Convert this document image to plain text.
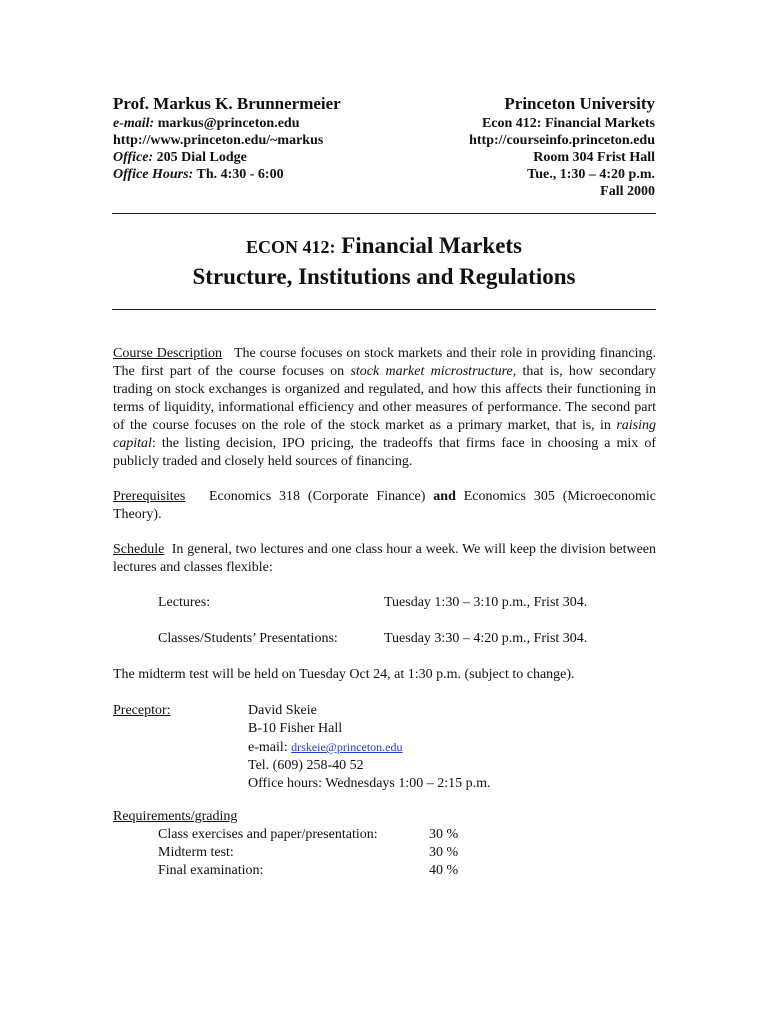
Prof. Markus K. Brunnermeier
e-mail: markus@princeton.edu
http://www.princeton.edu/~markus
Office: 205 Dial Lodge
Office Hours: Th. 4:30 - 6:00
Princeton University
Econ 412: Financial Markets
http://courseinfo.princeton.edu
Room 304 Frist Hall
Tue., 1:30 – 4:20 p.m.
Fall 2000
ECON 412: Financial Markets
Structure, Institutions and Regulations
Course Description The course focuses on stock markets and their role in providing financing. The first part of the course focuses on stock market microstructure, that is, how secondary trading on stock exchanges is organized and regulated, and how this affects their functioning in terms of liquidity, informational efficiency and other measures of performance. The second part of the course focuses on the role of the stock market as a primary market, that is, in raising capital: the listing decision, IPO pricing, the tradeoffs that firms face in choosing a mix of publicly traded and closely held sources of financing.
Prerequisites Economics 318 (Corporate Finance) and Economics 305 (Microeconomic Theory).
Schedule In general, two lectures and one class hour a week. We will keep the division between lectures and classes flexible:
Lectures:	Tuesday 1:30 – 3:10 p.m., Frist 304.
Classes/Students’ Presentations:	Tuesday 3:30 – 4:20 p.m., Frist 304.
The midterm test will be held on Tuesday Oct 24, at 1:30 p.m. (subject to change).
Preceptor:	David Skeie
B-10 Fisher Hall
e-mail: drskeie@princeton.edu
Tel. (609) 258-40 52
Office hours: Wednesdays 1:00 – 2:15 p.m.
Requirements/grading
Class exercises and paper/presentation:	30 %
Midterm test:	30 %
Final examination:	40 %
